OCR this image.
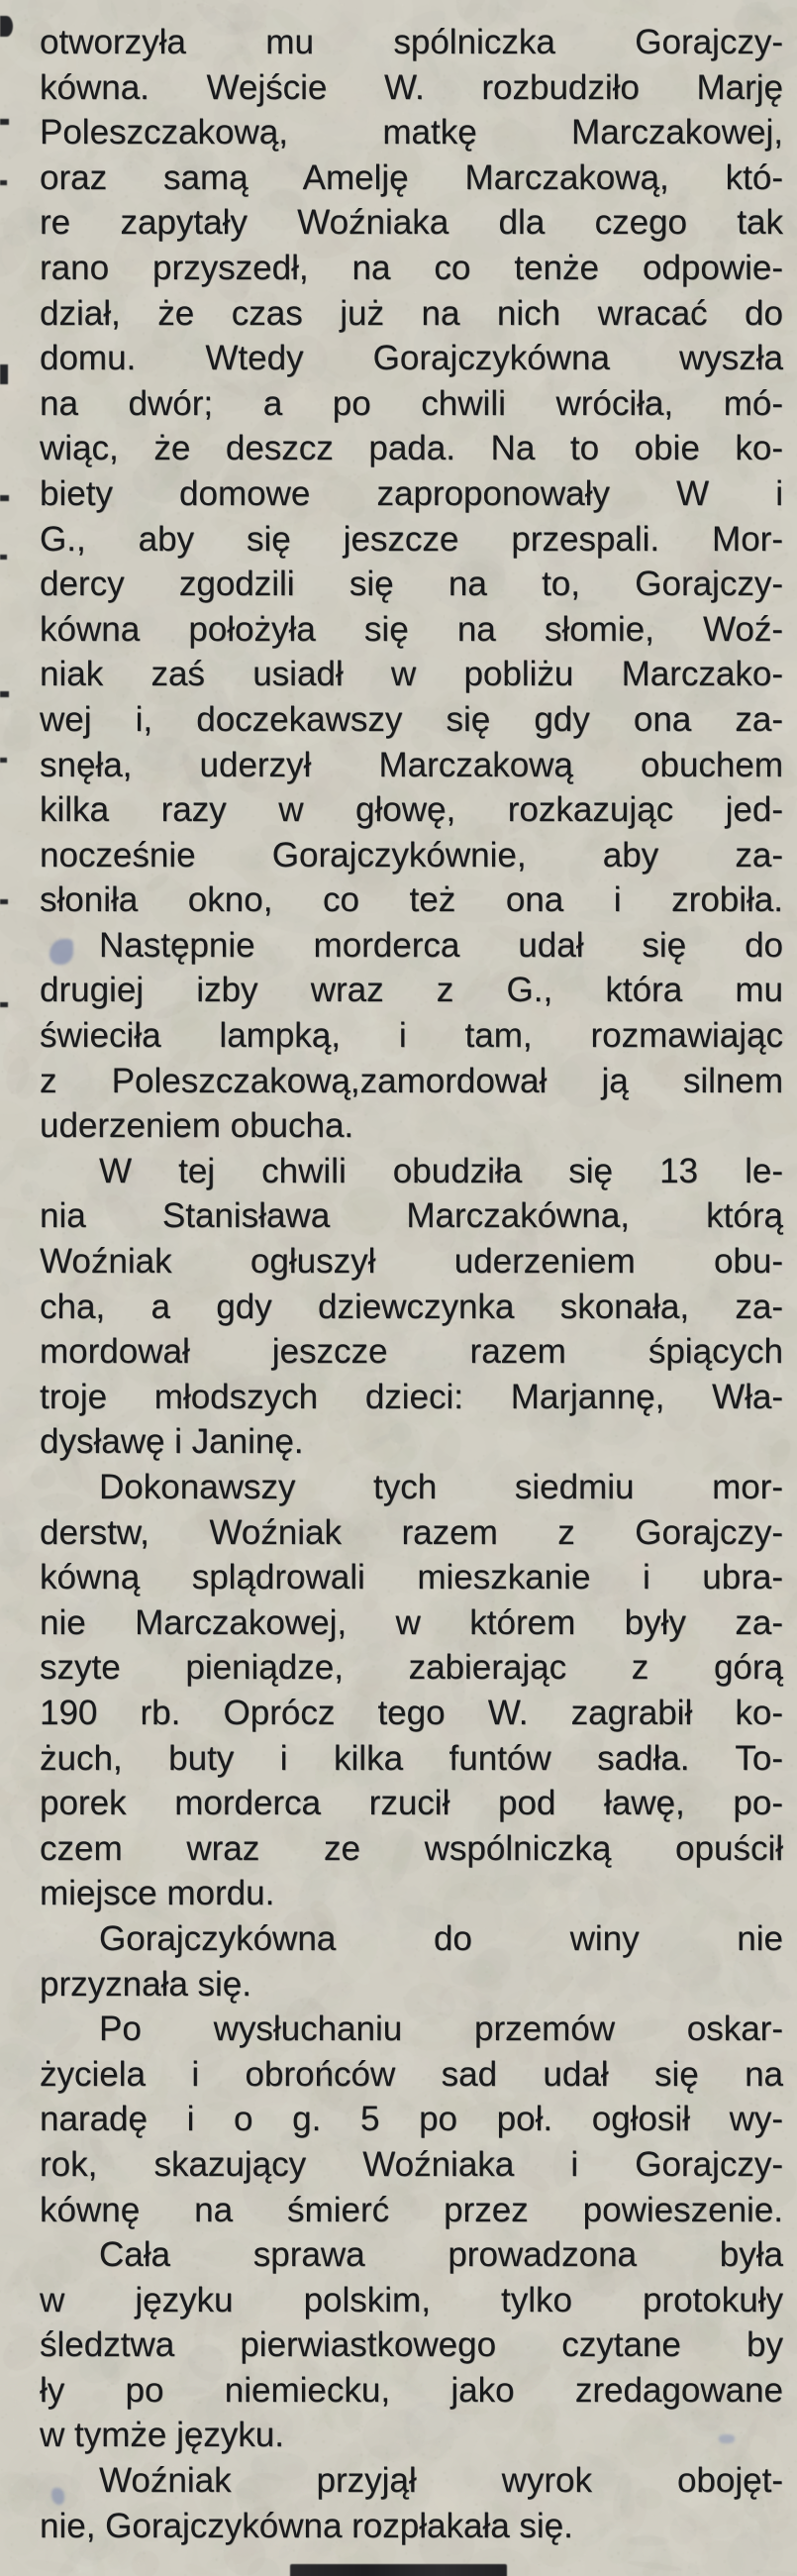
otworzyła mu spólniczka Gorajczy-
kówna. Wejście W. rozbudziło Marję
Poleszczakową, matkę Marczakowej,
oraz samą Amelję Marczakową, któ-
re zapytały Woźniaka dla czego tak
rano przyszedł, na co tenże odpowie-
dział, że czas już na nich wracać do
domu. Wtedy Gorajczykówna wyszła
na dwór; a po chwili wróciła, mó-
wiąc, że deszcz pada. Na to obie ko-
biety domowe zaproponowały W i
G., aby się jeszcze przespali. Mor-
dercy zgodzili się na to, Gorajczy-
kówna położyła się na słomie, Woź-
niak zaś usiadł w pobliżu Marczako-
wej i, doczekawszy się gdy ona za-
snęła, uderzył Marczakową obuchem
kilka razy w głowę, rozkazując jed-
nocześnie Gorajczykównie, aby za-
słoniła okno, co też ona i zrobiła.
Następnie morderca udał się do
drugiej izby wraz z G., która mu
świeciła lampką, i tam, rozmawiając
z Poleszczakową,zamordował ją silnem
uderzeniem obucha.
W tej chwili obudziła się 13 le-
nia Stanisława Marczakówna, którą
Woźniak ogłuszył uderzeniem obu-
cha, a gdy dziewczynka skonała, za-
mordował jeszcze razem śpiących
troje młodszych dzieci: Marjannę, Wła-
dysławę i Janinę.
Dokonawszy tych siedmiu mor-
derstw, Woźniak razem z Gorajczy-
kówną splądrowali mieszkanie i ubra-
nie Marczakowej, w którem były za-
szyte pieniądze, zabierając z górą
190 rb. Oprócz tego W. zagrabił ko-
żuch, buty i kilka funtów sadła. To-
porek morderca rzucił pod ławę, po-
czem wraz ze wspólniczką opuścił
miejsce mordu.
Gorajczykówna do winy nie
przyznała się.
Po wysłuchaniu przemów oskar-
życiela i obrońców sad udał się na
naradę i o g. 5 po poł. ogłosił wy-
rok, skazujący Woźniaka i Gorajczy-
kównę na śmierć przez powieszenie.
Cała sprawa prowadzona była
w języku polskim, tylko protokuły
śledztwa pierwiastkowego czytane by
ły po niemiecku, jako zredagowane
w tymże języku.
Woźniak przyjął wyrok obojęt-
nie, Gorajczykówna rozpłakała się.
